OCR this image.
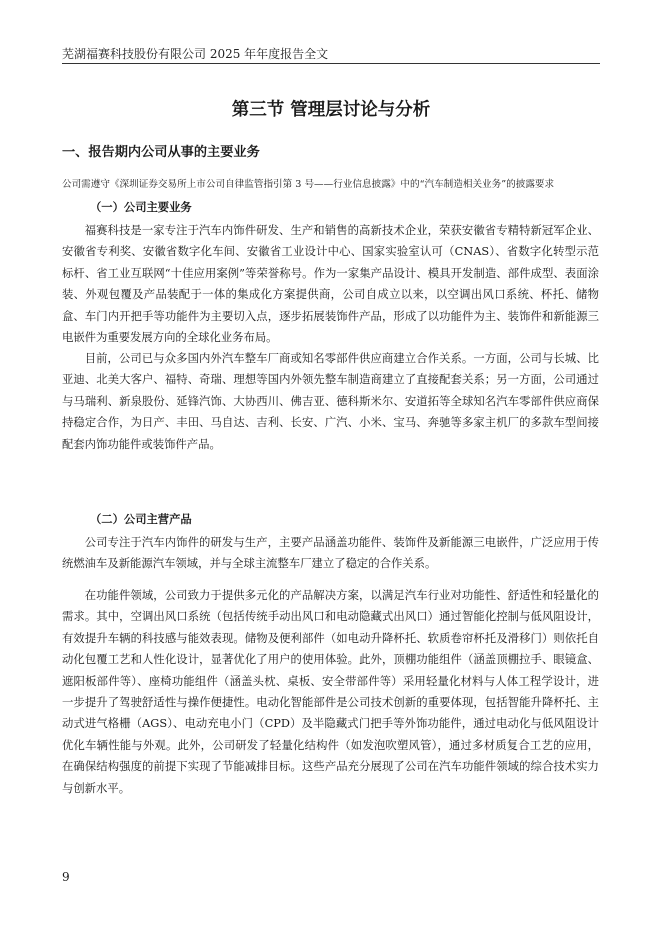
芜湖福赛科技股份有限公司 2025 年年度报告全文
第三节 管理层讨论与分析
一、报告期内公司从事的主要业务
公司需遵守《深圳证券交易所上市公司自律监管指引第 3 号——行业信息披露》中的“汽车制造相关业务”的披露要求
（一）公司主要业务

福赛科技是一家专注于汽车内饰件研发、生产和销售的高新技术企业，荣获安徽省专精特新冠军企业、安徽省专利奖、安徽省数字化车间、安徽省工业设计中心、国家实验室认可（CNAS）、省数字化转型示范标杆、省工业互联网“十佳应用案例”等荣誉称号。作为一家集产品设计、模具开发制造、部件成型、表面涂装、外观包覆及产品装配于一体的集成化方案提供商，公司自成立以来，以空调出风口系统、杯托、储物盒、车门内开把手等功能件为主要切入点，逐步拓展装饰件产品，形成了以功能件为主、装饰件和新能源三电嵌件为重要发展方向的全球化业务布局。

目前，公司已与众多国内外汽车整车厂商或知名零部件供应商建立合作关系。一方面，公司与长城、比亚迪、北美大客户、福特、奇瑞、理想等国内外领先整车制造商建立了直接配套关系；另一方面，公司通过与马瑞利、新泉股份、延锋汽饰、大协西川、佛吉亚、德科斯米尔、安道拓等全球知名汽车零部件供应商保持稳定合作，为日产、丰田、马自达、吉利、长安、广汽、小米、宝马、奔驰等多家主机厂的多款车型间接配套内饰功能件或装饰件产品。

（二）公司主营产品

公司专注于汽车内饰件的研发与生产，主要产品涵盖功能件、装饰件及新能源三电嵌件，广泛应用于传统燃油车及新能源汽车领域，并与全球主流整车厂建立了稳定的合作关系。

在功能件领域，公司致力于提供多元化的产品解决方案，以满足汽车行业对功能性、舒适性和轻量化的需求。其中，空调出风口系统（包括传统手动出风口和电动隐藏式出风口）通过智能化控制与低风阻设计，有效提升车辆的科技感与能效表现。储物及便利部件（如电动升降杯托、软质卷帘杯托及滑移门）则依托自动化包覆工艺和人性化设计，显著优化了用户的使用体验。此外，顶棚功能组件（涵盖顶棚拉手、眼镜盒、遮阳板部件等）、座椅功能组件（涵盖头枕、桌板、安全带部件等）采用轻量化材料与人体工程学设计，进一步提升了驾驶舒适性与操作便捷性。电动化智能部件是公司技术创新的重要体现，包括智能升降杯托、主动式进气格栅（AGS）、电动充电小门（CPD）及半隐藏式门把手等外饰功能件，通过电动化与低风阻设计优化车辆性能与外观。此外，公司研发了轻量化结构件（如发泡吹塑风管），通过多材质复合工艺的应用，在确保结构强度的前提下实现了节能减排目标。这些产品充分展现了公司在汽车功能件领域的综合技术实力与创新水平。

9
